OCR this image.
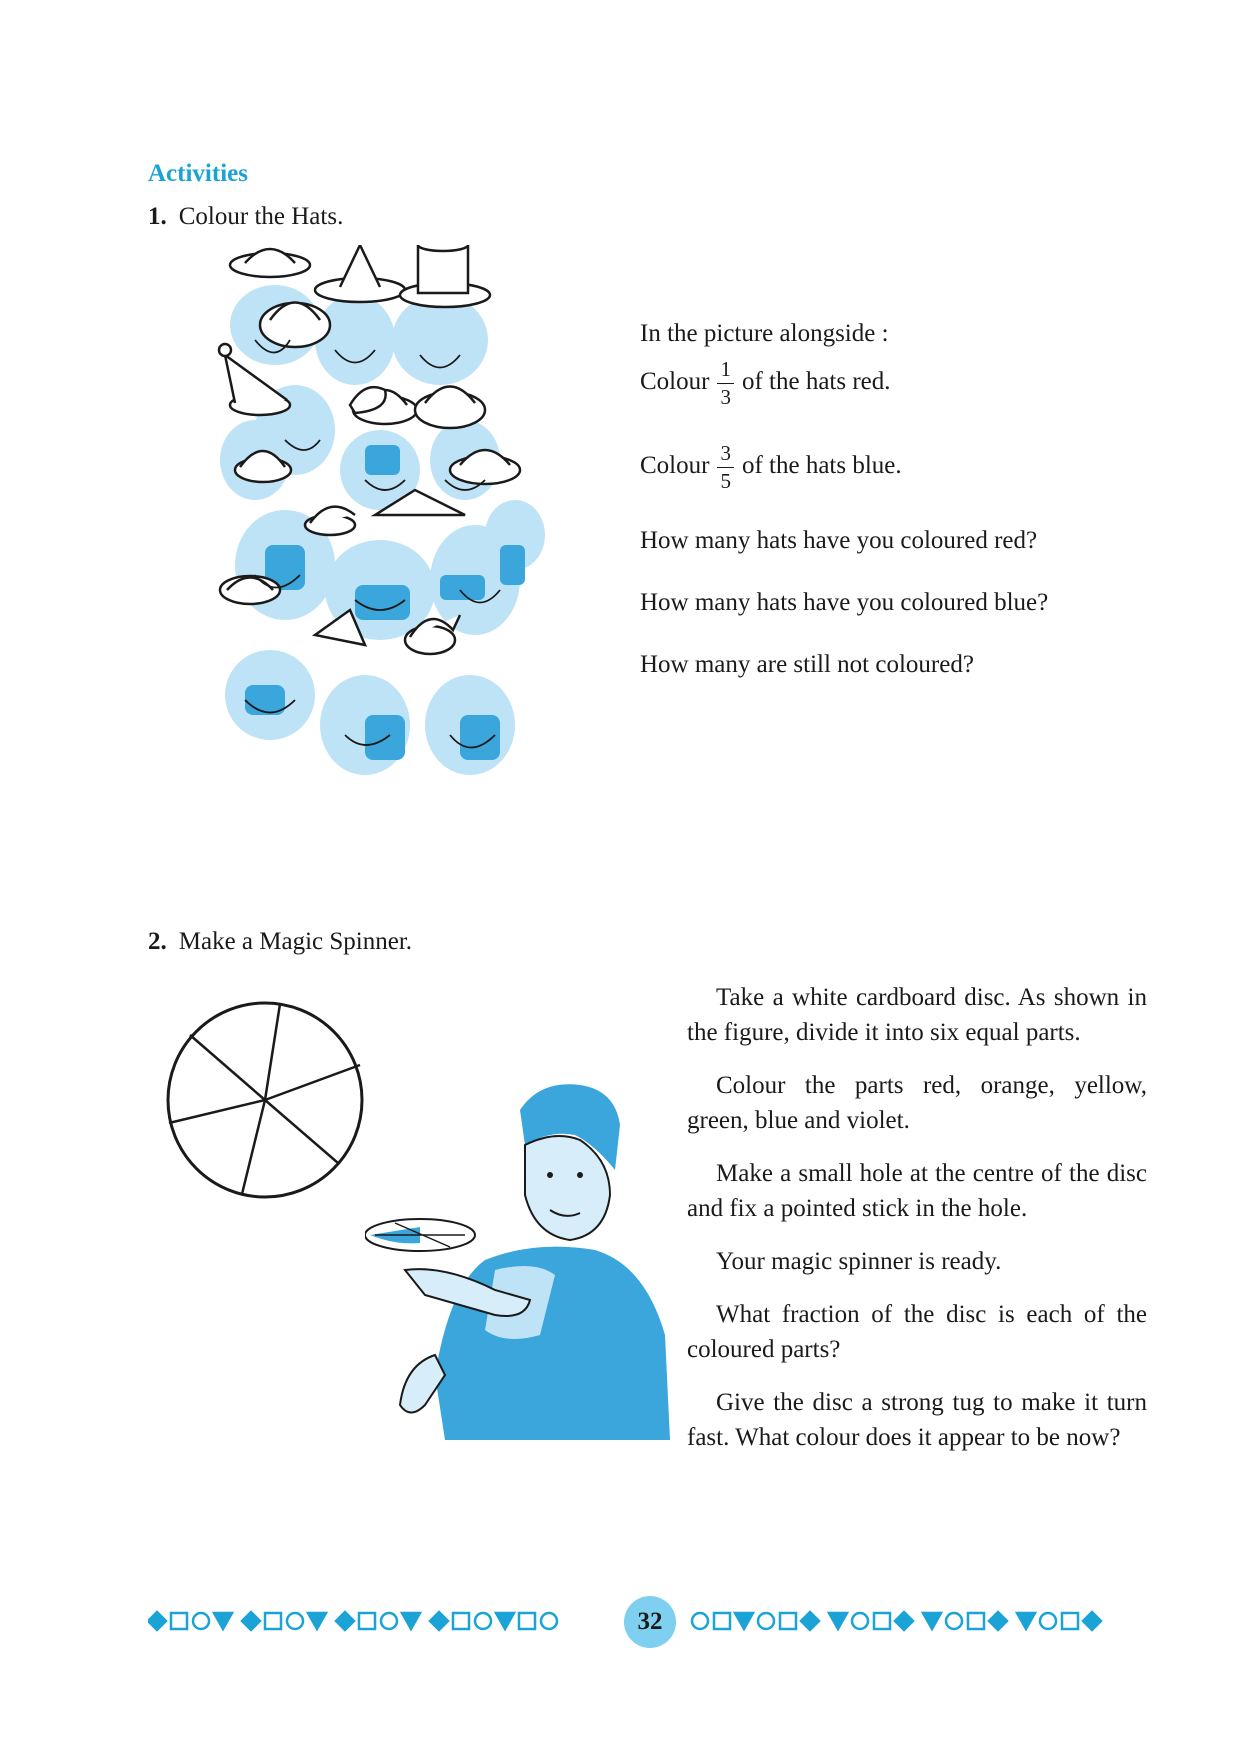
Activities
1. Colour the Hats.
In the picture alongside :
Colour $\frac{1}{3}$ of the hats red.
Colour $\frac{3}{5}$ of the hats blue.
How many hats have you coloured red?
How many hats have you coloured blue?
How many are still not coloured?
2. Make a Magic Spinner.

Take a white cardboard disc. As shown in the figure, divide it into six equal parts.

Colour the parts red, orange, yellow, green, blue and violet.

Make a small hole at the centre of the disc and fix a pointed stick in the hole.

Your magic spinner is ready.

What fraction of the disc is each of the coloured parts?

Give the disc a strong tug to make it turn fast. What colour does it appear to be now?

32
